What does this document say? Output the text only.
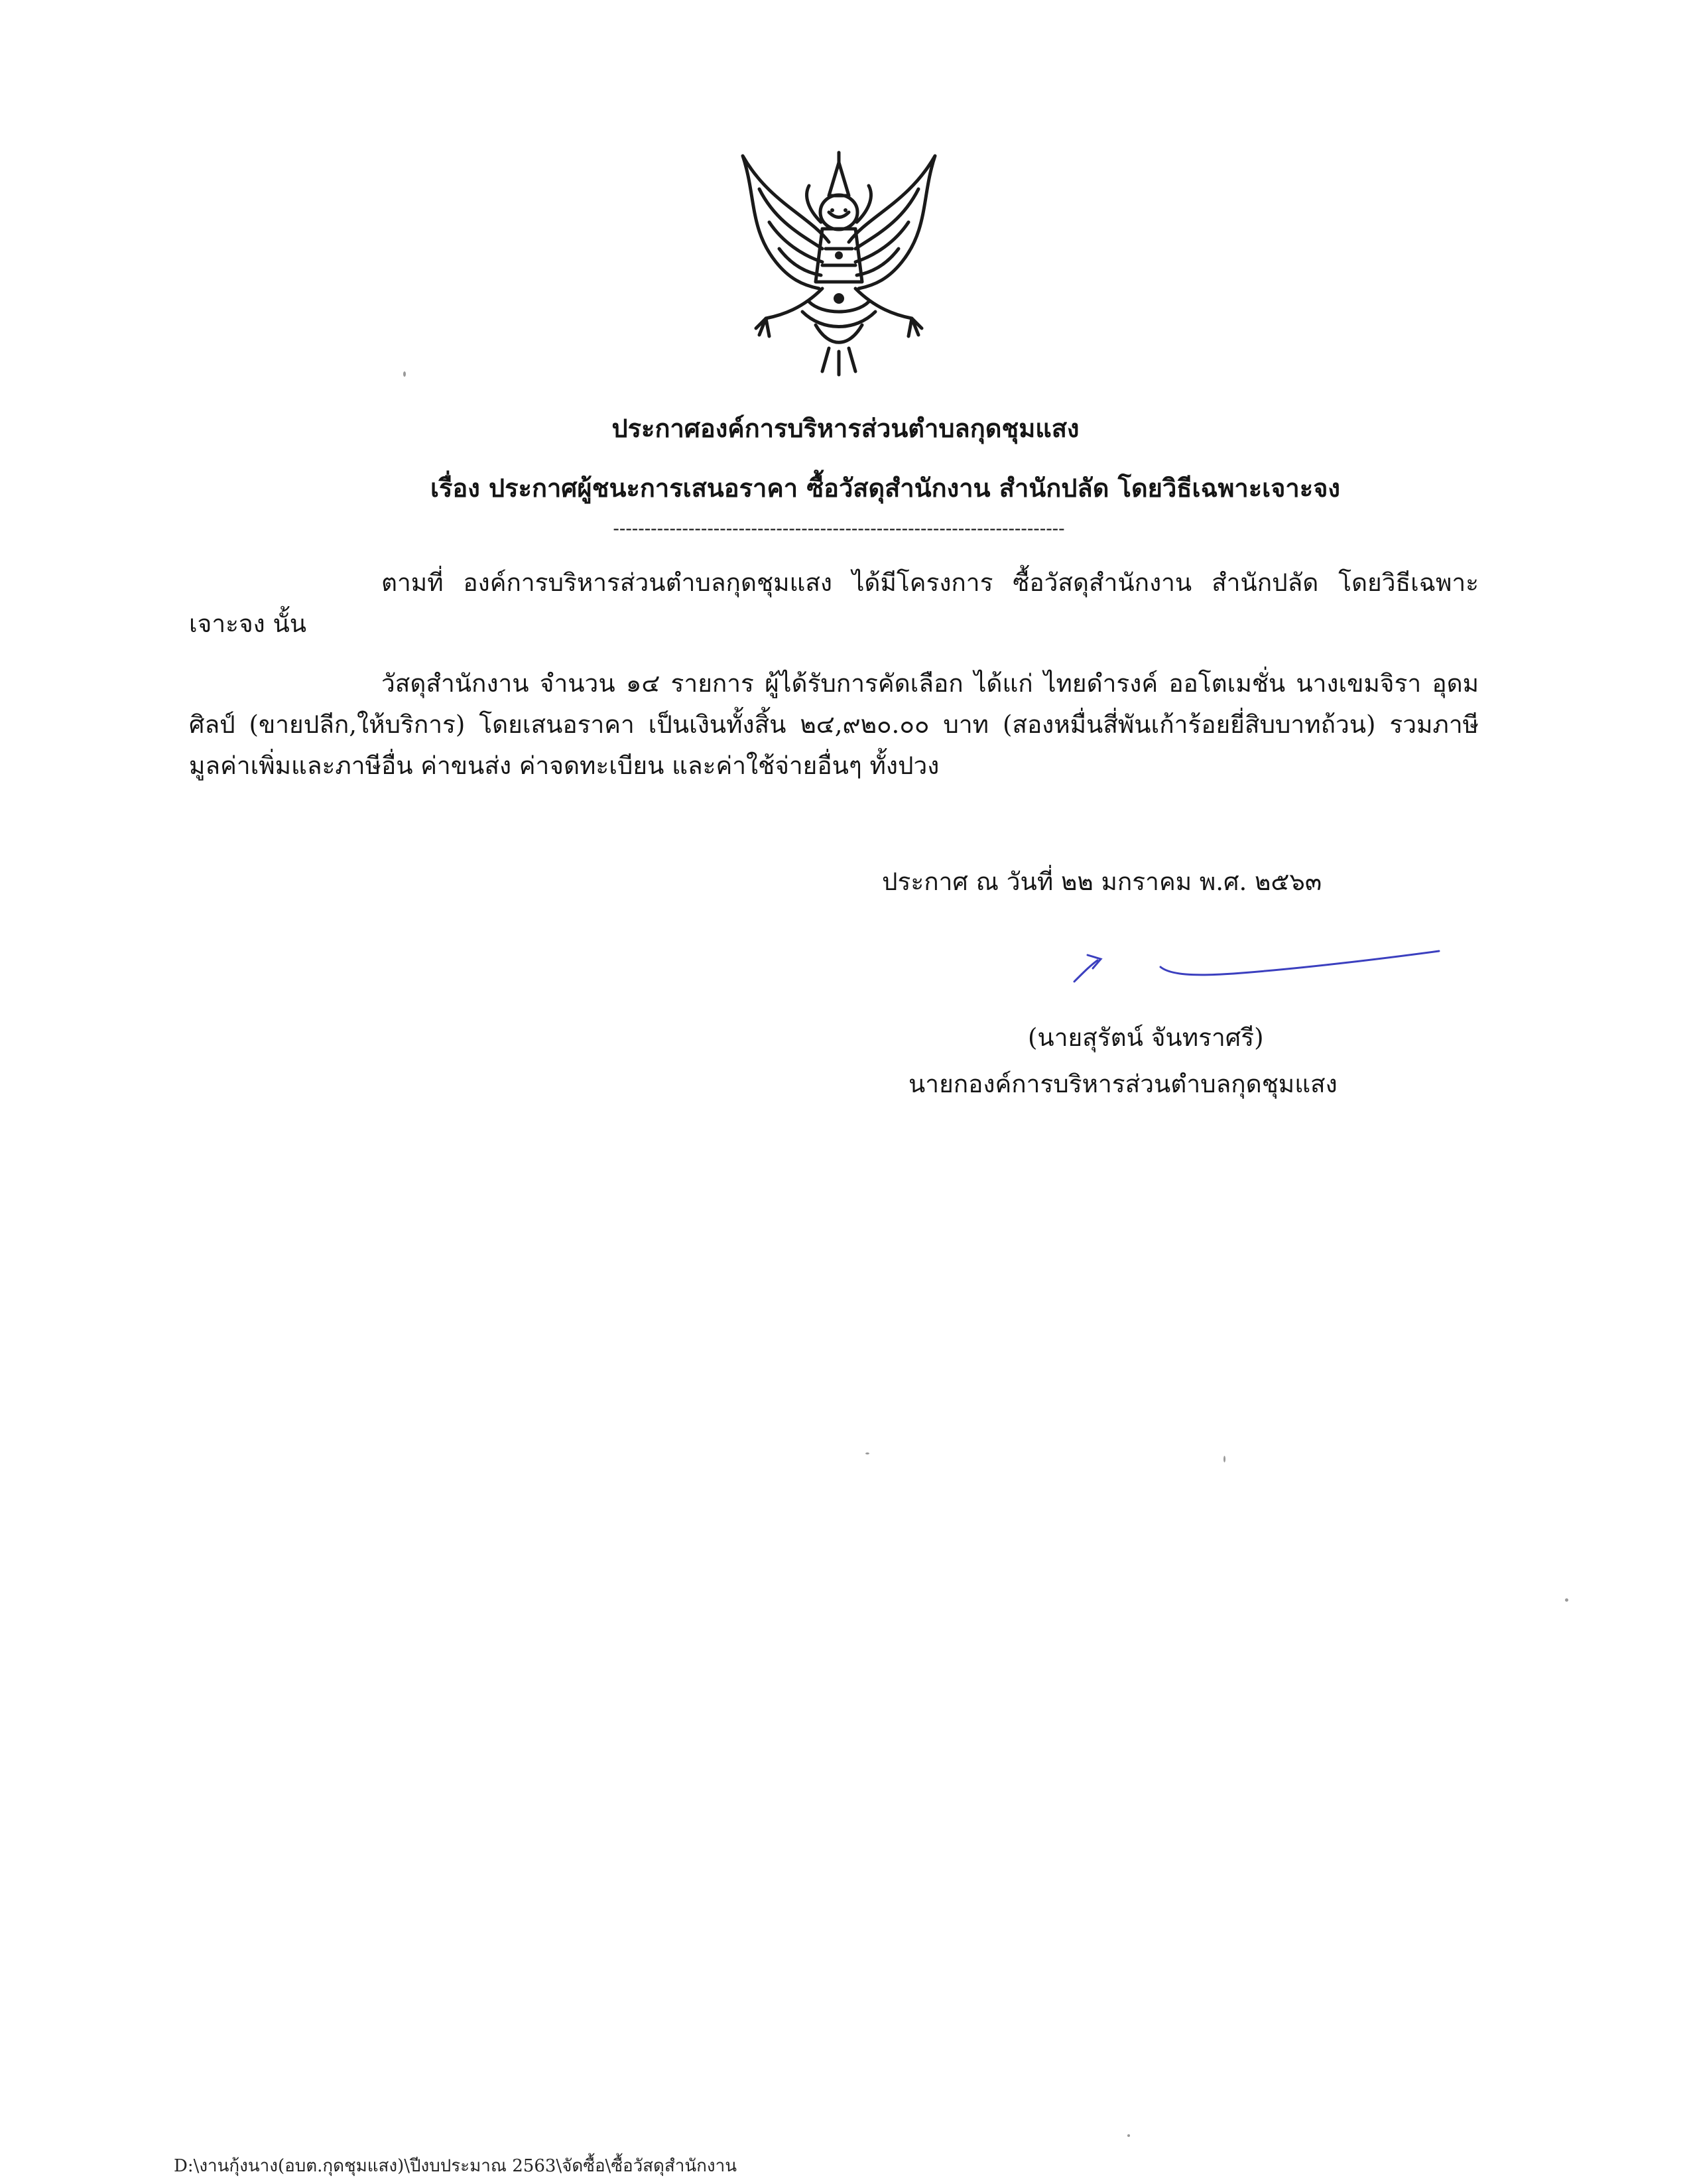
ประกาศองค์การบริหารส่วนตำบลกุดชุมแสง
เรื่อง ประกาศผู้ชนะการเสนอราคา ซื้อวัสดุสำนักงาน สำนักปลัด โดยวิธีเฉพาะเจาะจง
------------------------------------------------------------------------
ตามที่ องค์การบริหารส่วนตำบลกุดชุมแสง ได้มีโครงการ ซื้อวัสดุสำนักงาน สำนักปลัด โดยวิธีเฉพาะเจาะจง นั้น
วัสดุสำนักงาน จำนวน ๑๔ รายการ ผู้ได้รับการคัดเลือก ได้แก่ ไทยดำรงค์ ออโตเมชั่น นางเขมจิรา อุดมศิลป์ (ขายปลีก,ให้บริการ) โดยเสนอราคา เป็นเงินทั้งสิ้น ๒๔,๙๒๐.๐๐ บาท (สองหมื่นสี่พันเก้าร้อยยี่สิบบาทถ้วน) รวมภาษีมูลค่าเพิ่มและภาษีอื่น ค่าขนส่ง ค่าจดทะเบียน และค่าใช้จ่ายอื่นๆ ทั้งปวง
ประกาศ ณ วันที่ ๒๒ มกราคม พ.ศ. ๒๕๖๓
(นายสุรัตน์ จันทราศรี)
นายกองค์การบริหารส่วนตำบลกุดชุมแสง
D:\งานกุ้งนาง(อบต.กุดชุมแสง)\ปีงบประมาณ 2563\จัดซื้อ\ซื้อวัสดุสำนักงาน
